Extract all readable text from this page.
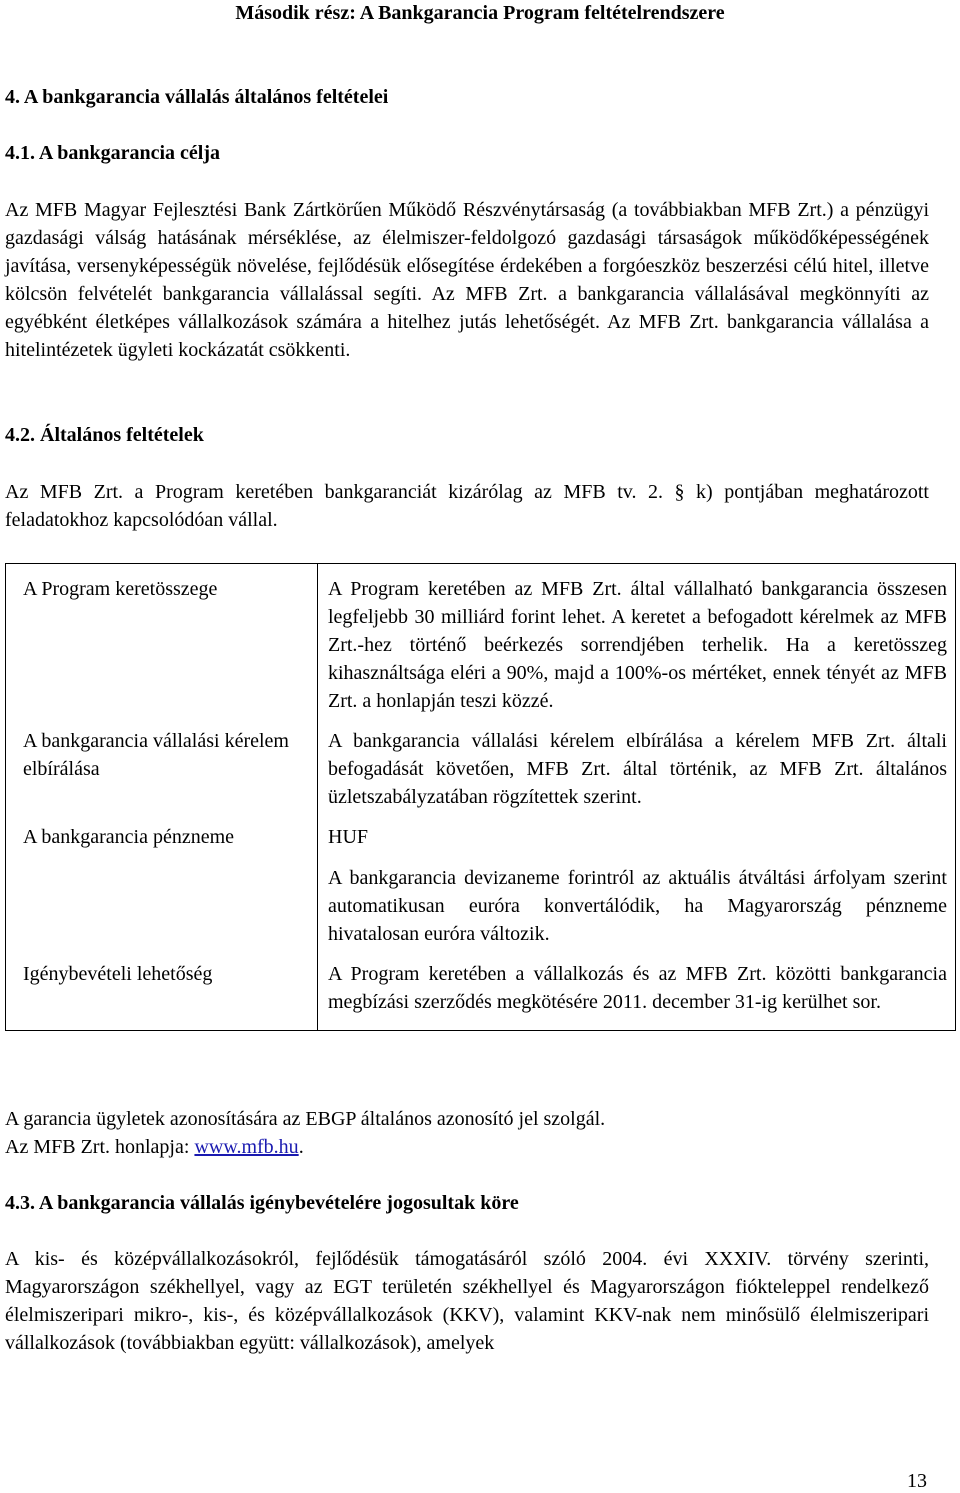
Második rész: A Bankgarancia Program feltételrendszere
4. A bankgarancia vállalás általános feltételei
4.1. A bankgarancia célja

Az MFB Magyar Fejlesztési Bank Zártkörűen Működő Részvénytársaság (a továbbiakban MFB Zrt.) a pénzügyi gazdasági válság hatásának mérséklése, az élelmiszer-feldolgozó gazdasági társaságok működőképességének javítása, versenyképességük növelése, fejlődésük elősegítése érdekében a forgóeszköz beszerzési célú hitel, illetve kölcsön felvételét bankgarancia vállalással segíti. Az MFB Zrt. a bankgarancia vállalásával megkönnyíti az egyébként életképes vállalkozások számára a hitelhez jutás lehetőségét. Az MFB Zrt. bankgarancia vállalása a hitelintézetek ügyleti kockázatát csökkenti.

4.2. Általános feltételek

Az MFB Zrt. a Program keretében bankgaranciát kizárólag az MFB tv. 2. § k) pontjában meghatározott feladatokhoz kapcsolódóan vállal.

A Program keretösszege	A Program keretében az MFB Zrt. által vállalható bankgarancia összesen legfeljebb 30 milliárd forint lehet. A keretet a befogadott kérelmek az MFB Zrt.-hez történő beérkezés sorrendjében terhelik. Ha a keretösszeg kihasználtsága eléri a 90%, majd a 100%-os mértéket, ennek tényét az MFB Zrt. a honlapján teszi közzé.
A bankgarancia vállalási kérelem elbírálása	A bankgarancia vállalási kérelem elbírálása a kérelem MFB Zrt. általi befogadását követően, MFB Zrt. által történik, az MFB Zrt. általános üzletszabályzatában rögzítettek szerint.
A bankgarancia pénzneme	HUF
A bankgarancia devizaneme forintról az aktuális átváltási árfolyam szerint automatikusan euróra konvertálódik, ha Magyarország pénzneme hivatalosan euróra változik.

Igénybevételi lehetőség	A Program keretében a vállalkozás és az MFB Zrt. közötti bankgarancia megbízási szerződés megkötésére 2011. december 31-ig kerülhet sor.
A garancia ügyletek azonosítására az EBGP általános azonosító jel szolgál.
Az MFB Zrt. honlapja: www.mfb.hu.
4.3. A bankgarancia vállalás igénybevételére jogosultak köre

A kis- és középvállalkozásokról, fejlődésük támogatásáról szóló 2004. évi XXXIV. törvény szerinti, Magyarországon székhellyel, vagy az EGT területén székhellyel és Magyarországon fiókteleppel rendelkező élelmiszeripari mikro-, kis-, és középvállalkozások (KKV), valamint KKV-nak nem minősülő élelmiszeripari vállalkozások (továbbiakban együtt: vállalkozások), amelyek

13
